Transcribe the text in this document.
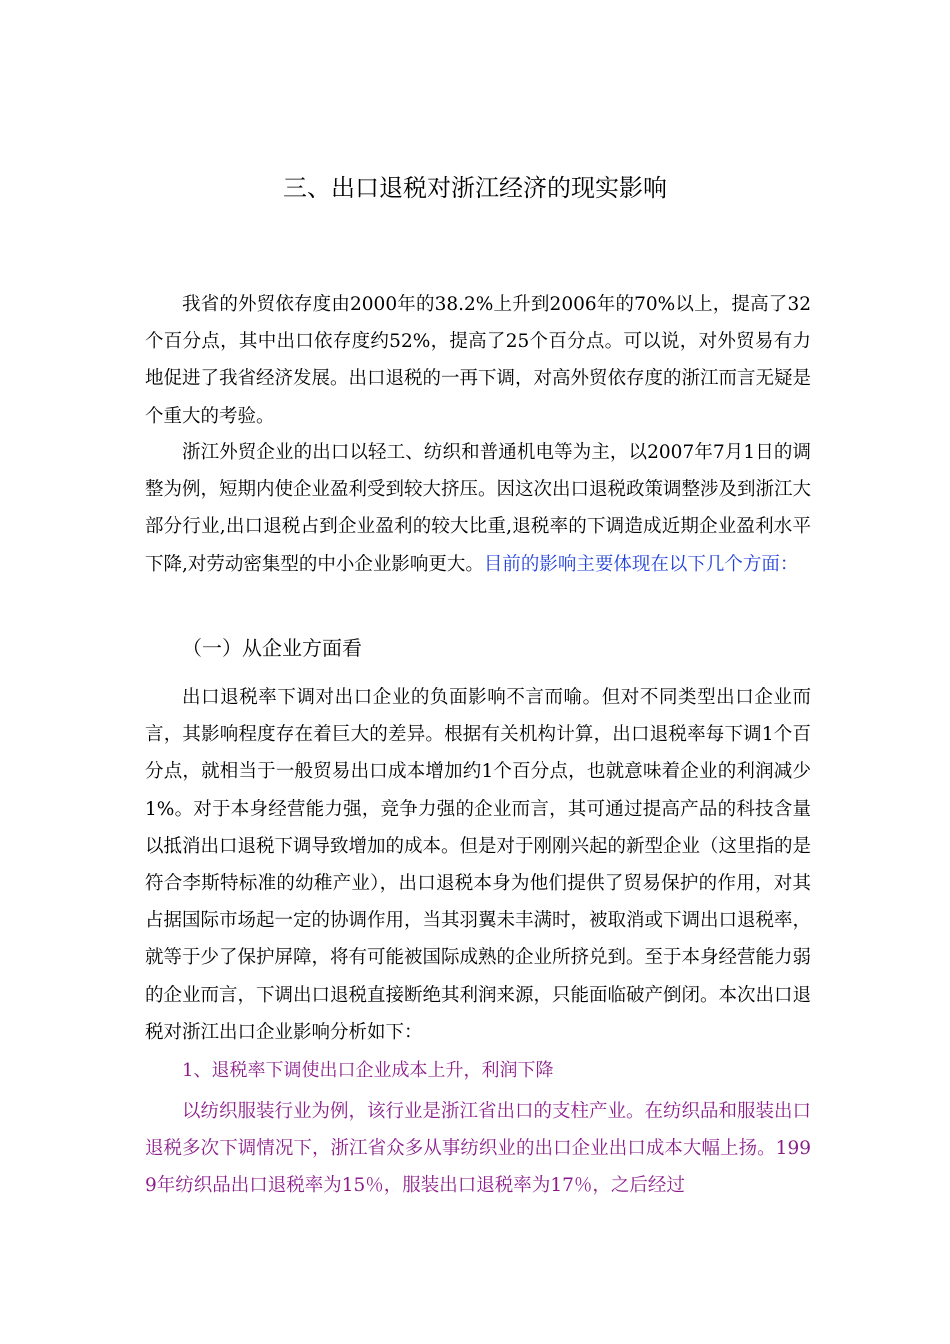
三、出口退税对浙江经济的现实影响

我省的外贸依存度由2000年的38.2%上升到2006年的70%以上，提高了32个百分点，其中出口依存度约52%，提高了25个百分点。可以说，对外贸易有力地促进了我省经济发展。出口退税的一再下调，对高外贸依存度的浙江而言无疑是个重大的考验。

浙江外贸企业的出口以轻工、纺织和普通机电等为主，以2007年7月1日的调整为例，短期内使企业盈利受到较大挤压。因这次出口退税政策调整涉及到浙江大部分行业,出口退税占到企业盈利的较大比重,退税率的下调造成近期企业盈利水平下降,对劳动密集型的中小企业影响更大。目前的影响主要体现在以下几个方面：

（一）从企业方面看

出口退税率下调对出口企业的负面影响不言而喻。但对不同类型出口企业而言，其影响程度存在着巨大的差异。根据有关机构计算，出口退税率每下调1个百分点，就相当于一般贸易出口成本增加约1个百分点，也就意味着企业的利润减少1%。对于本身经营能力强，竞争力强的企业而言，其可通过提高产品的科技含量以抵消出口退税下调导致增加的成本。但是对于刚刚兴起的新型企业（这里指的是符合李斯特标准的幼稚产业），出口退税本身为他们提供了贸易保护的作用，对其占据国际市场起一定的协调作用，当其羽翼未丰满时，被取消或下调出口退税率，就等于少了保护屏障，将有可能被国际成熟的企业所挤兑到。至于本身经营能力弱的企业而言，下调出口退税直接断绝其利润来源，只能面临破产倒闭。本次出口退税对浙江出口企业影响分析如下：

1、退税率下调使出口企业成本上升，利润下降

以纺织服装行业为例，该行业是浙江省出口的支柱产业。在纺织品和服装出口退税多次下调情况下，浙江省众多从事纺织业的出口企业出口成本大幅上扬。1999年纺织品出口退税率为15％，服装出口退税率为17％，之后经过
